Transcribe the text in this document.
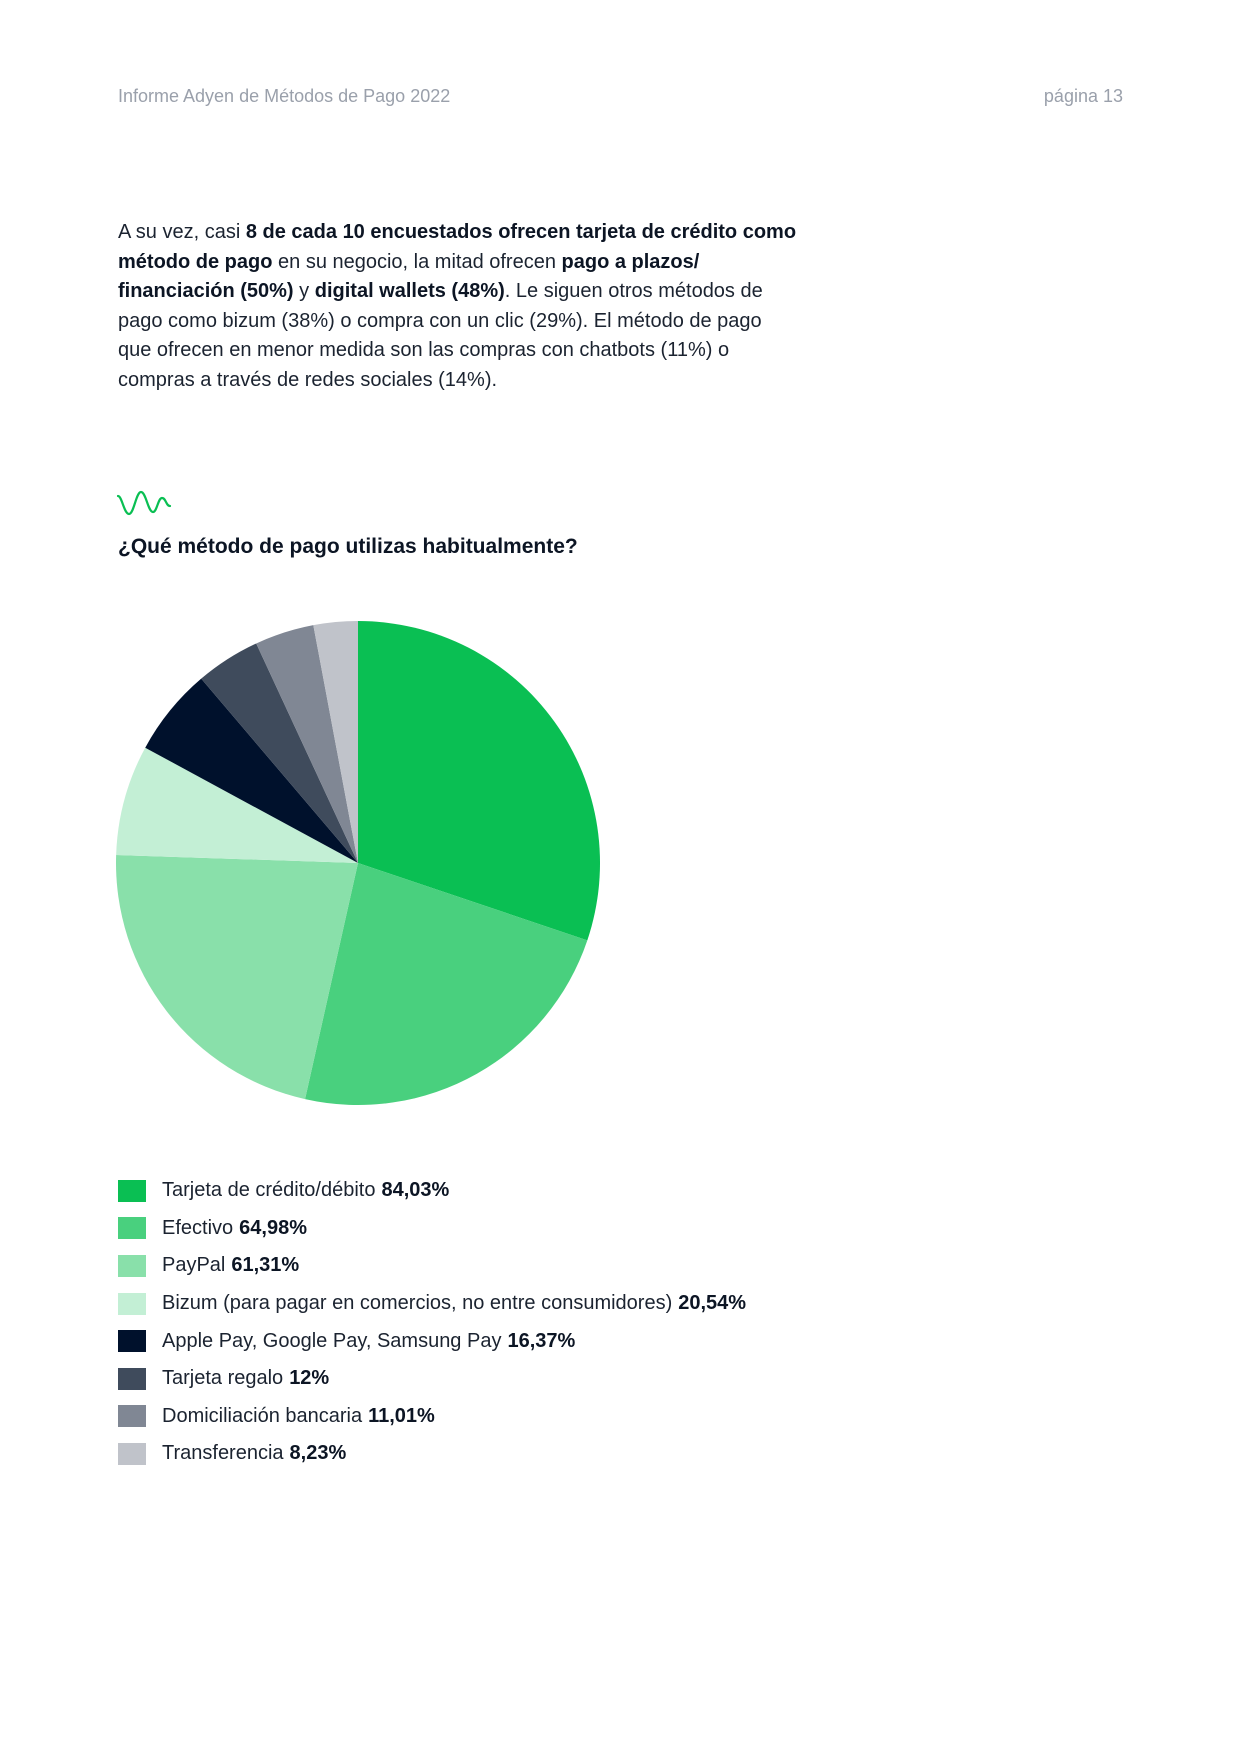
Informe Adyen de Métodos de Pago 2022	página 13

A su vez, casi 8 de cada 10 encuestados ofrecen tarjeta de crédito como método de pago en su negocio, la mitad ofrecen pago a plazos/ financiación (50%) y digital wallets (48%). Le siguen otros métodos de pago como bizum (38%) o compra con un clic (29%). El método de pago que ofrecen en menor medida son las compras con chatbots (11%) o compras a través de redes sociales (14%).

¿Qué método de pago utilizas habitualmente?
Tarjeta de crédito/débito 84,03%
Efectivo 64,98%
PayPal 61,31%
Bizum (para pagar en comercios, no entre consumidores) 20,54%
Apple Pay, Google Pay, Samsung Pay 16,37%
Tarjeta regalo 12%
Domiciliación bancaria 11,01%
Transferencia 8,23%
